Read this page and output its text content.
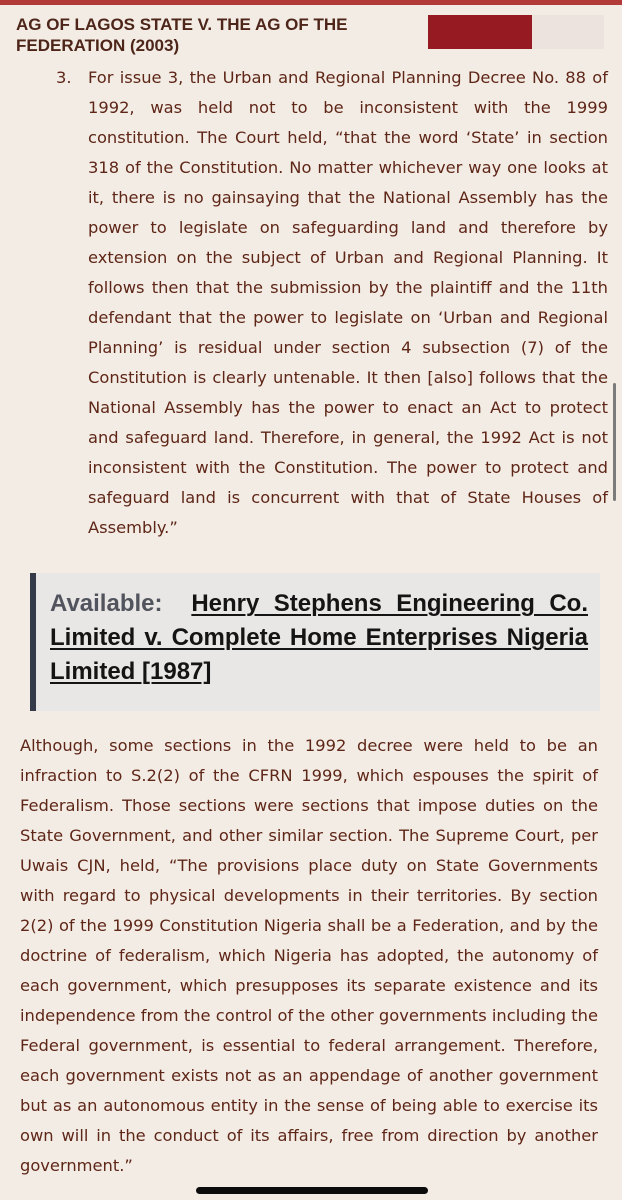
AG OF LAGOS STATE V. THE AG OF THE FEDERATION (2003)
3. For issue 3, the Urban and Regional Planning Decree No. 88 of 1992, was held not to be inconsistent with the 1999 constitution. The Court held, “that the word ‘State’ in section 318 of the Constitution. No matter whichever way one looks at it, there is no gainsaying that the National Assembly has the power to legislate on safeguarding land and therefore by extension on the subject of Urban and Regional Planning. It follows then that the submission by the plaintiff and the 11th defendant that the power to legislate on ‘Urban and Regional Planning’ is residual under section 4 subsection (7) of the Constitution is clearly untenable. It then [also] follows that the National Assembly has the power to enact an Act to protect and safeguard land. Therefore, in general, the 1992 Act is not inconsistent with the Constitution. The power to protect and safeguard land is concurrent with that of State Houses of Assembly.”

Available: Henry Stephens Engineering Co. Limited v. Complete Home Enterprises Nigeria Limited [1987]

Although, some sections in the 1992 decree were held to be an infraction to S.2(2) of the CFRN 1999, which espouses the spirit of Federalism. Those sections were sections that impose duties on the State Government, and other similar section. The Supreme Court, per Uwais CJN, held, “The provisions place duty on State Governments with regard to physical developments in their territories. By section 2(2) of the 1999 Constitution Nigeria shall be a Federation, and by the doctrine of federalism, which Nigeria has adopted, the autonomy of each government, which presupposes its separate existence and its independence from the control of the other governments including the Federal government, is essential to federal arrangement. Therefore, each government exists not as an appendage of another government but as an autonomous entity in the sense of being able to exercise its own will in the conduct of its affairs, free from direction by another government.”
